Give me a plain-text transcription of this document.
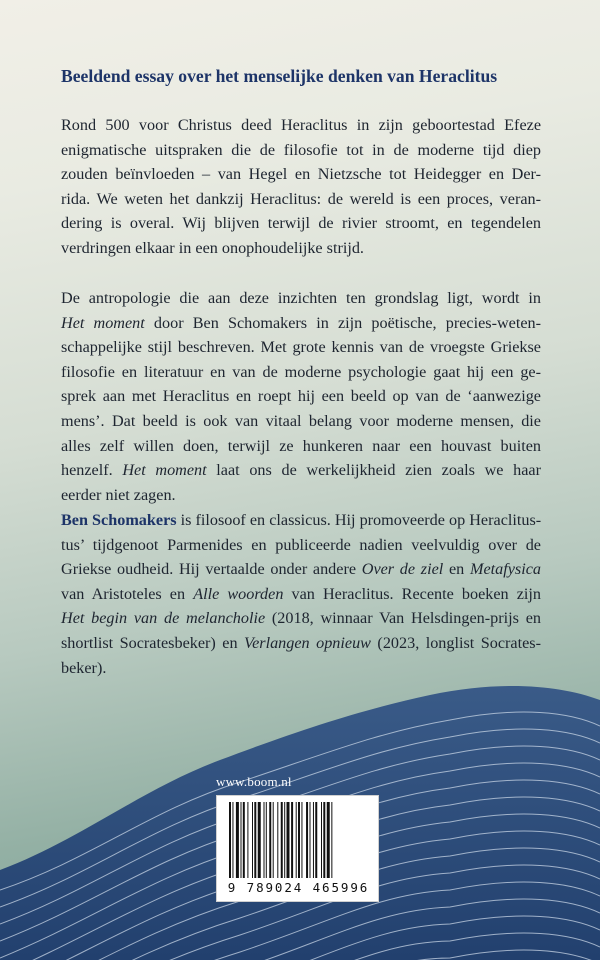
Beeldend essay over het menselijke denken van Heraclitus

Rond 500 voor Christus deed Heraclitus in zijn geboortestad Efeze
enigmatische uitspraken die de filosofie tot in de moderne tijd diep
zouden beïnvloeden – van Hegel en Nietzsche tot Heidegger en Der-
rida. We weten het dankzij Heraclitus: de wereld is een proces, veran-
dering is overal. Wij blijven terwijl de rivier stroomt, en tegendelen
verdringen elkaar in een onophoudelijke strijd.

De antropologie die aan deze inzichten ten grondslag ligt, wordt in
Het moment door Ben Schomakers in zijn poëtische, precies-weten-
schappelijke stijl beschreven. Met grote kennis van de vroegste Griekse
filosofie en literatuur en van de moderne psychologie gaat hij een ge-
sprek aan met Heraclitus en roept hij een beeld op van de ‘aanwezige
mens’. Dat beeld is ook van vitaal belang voor moderne mensen, die
alles zelf willen doen, terwijl ze hunkeren naar een houvast buiten
henzelf. Het moment laat ons de werkelijkheid zien zoals we haar
eerder niet zagen.

Ben Schomakers is filosoof en classicus. Hij promoveerde op Heraclitus-
tus’ tijdgenoot Parmenides en publiceerde nadien veelvuldig over de
Griekse oudheid. Hij vertaalde onder andere Over de ziel en Metafysica
van Aristoteles en Alle woorden van Heraclitus. Recente boeken zijn
Het begin van de melancholie (2018, winnaar Van Helsdingen-prijs en
shortlist Socratesbeker) en Verlangen opnieuw (2023, longlist Socrates-
beker).

www.boom.nl

9 789024 465996
